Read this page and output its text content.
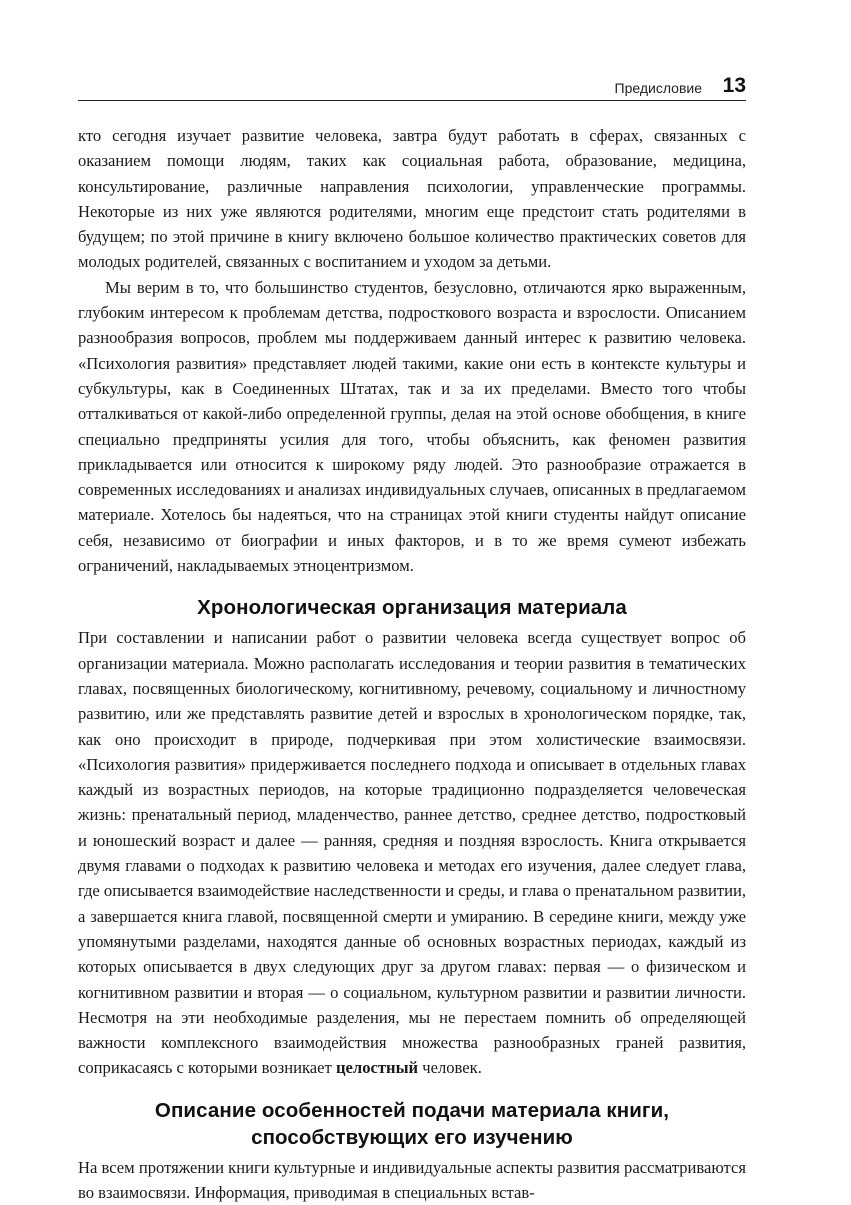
Предисловие 13

кто сегодня изучает развитие человека, завтра будут работать в сферах, связанных с оказанием помощи людям, таких как социальная работа, образование, медицина, консультирование, различные направления психологии, управленческие программы. Некоторые из них уже являются родителями, многим еще предстоит стать родителями в будущем; по этой причине в книгу включено большое количество практических советов для молодых родителей, связанных с воспитанием и уходом за детьми.

Мы верим в то, что большинство студентов, безусловно, отличаются ярко выраженным, глубоким интересом к проблемам детства, подросткового возраста и взрослости. Описанием разнообразия вопросов, проблем мы поддерживаем данный интерес к развитию человека. «Психология развития» представляет людей такими, какие они есть в контексте культуры и субкультуры, как в Соединенных Штатах, так и за их пределами. Вместо того чтобы отталкиваться от какой-либо определенной группы, делая на этой основе обобщения, в книге специально предприняты усилия для того, чтобы объяснить, как феномен развития прикладывается или относится к широкому ряду людей. Это разнообразие отражается в современных исследованиях и анализах индивидуальных случаев, описанных в предлагаемом материале. Хотелось бы надеяться, что на страницах этой книги студенты найдут описание себя, независимо от биографии и иных факторов, и в то же время сумеют избежать ограничений, накладываемых этноцентризмом.

Хронологическая организация материала

При составлении и написании работ о развитии человека всегда существует вопрос об организации материала. Можно располагать исследования и теории развития в тематических главах, посвященных биологическому, когнитивному, речевому, социальному и личностному развитию, или же представлять развитие детей и взрослых в хронологическом порядке, так, как оно происходит в природе, подчеркивая при этом холистические взаимосвязи. «Психология развития» придерживается последнего подхода и описывает в отдельных главах каждый из возрастных периодов, на которые традиционно подразделяется человеческая жизнь: пренатальный период, младенчество, раннее детство, среднее детство, подростковый и юношеский возраст и далее — ранняя, средняя и поздняя взрослость. Книга открывается двумя главами о подходах к развитию человека и методах его изучения, далее следует глава, где описывается взаимодействие наследственности и среды, и глава о пренатальном развитии, а завершается книга главой, посвященной смерти и умиранию. В середине книги, между уже упомянутыми разделами, находятся данные об основных возрастных периодах, каждый из которых описывается в двух следующих друг за другом главах: первая — о физическом и когнитивном развитии и вторая — о социальном, культурном развитии и развитии личности. Несмотря на эти необходимые разделения, мы не перестаем помнить об определяющей важности комплексного взаимодействия множества разнообразных граней развития, соприкасаясь с которыми возникает целостный человек.

Описание особенностей подачи материала книги,
способствующих его изучению

На всем протяжении книги культурные и индивидуальные аспекты развития рассматриваются во взаимосвязи. Информация, приводимая в специальных встав-
